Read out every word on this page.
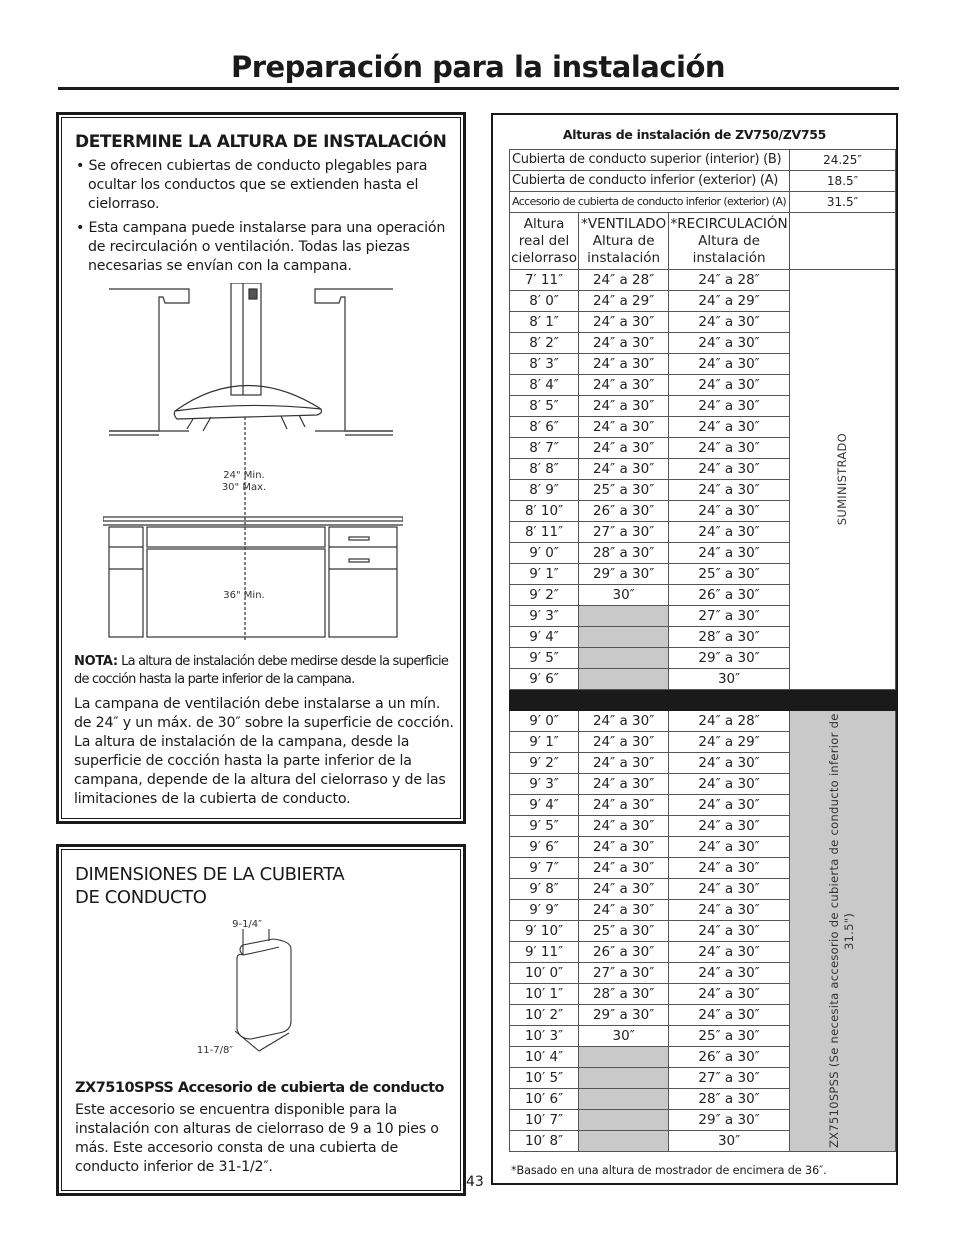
Preparación para la instalación
DETERMINE LA ALTURA DE INSTALACIÓN

• Se ofrecen cubiertas de conducto plegables para ocultar los conductos que se extienden hasta el cielorraso.

• Esta campana puede instalarse para una operación de recirculación o ventilación. Todas las piezas necesarias se envían con la campana.

24" Min.
30" Max.
36" Min.

NOTA: La altura de instalación debe medirse desde la superficie de cocción hasta la parte inferior de la campana.

La campana de ventilación debe instalarse a un mín. de 24″ y un máx. de 30″ sobre la superficie de cocción. La altura de instalación de la campana, desde la superficie de cocción hasta la parte inferior de la campana, depende de la altura del cielorraso y de las limitaciones de la cubierta de conducto.

DIMENSIONES DE LA CUBIERTA
DE CONDUCTO
9-1/4″
11-7/8″
ZX7510SPSS Accesorio de cubierta de conducto

Este accesorio se encuentra disponible para la instalación con alturas de cielorraso de 9 a 10 pies o más. Este accesorio consta de una cubierta de conducto inferior de 31-1/2″.

43
Alturas de instalación de ZV750/ZV755
Cubierta de conducto superior (interior) (B)			24.25″
Cubierta de conducto inferior (exterior) (A)			18.5″
Accesorio de cubierta de conducto inferior (exterior) (A)			31.5″
Altura real del cielorraso	*VENTILADO Altura de instalación	*RECIRCULACIÓN Altura de instalación	
7′ 11″	24″ a 28″	24″ a 28″	SUMINISTRADO

8′ 0″	24″ a 29″	24″ a 29″	
8′ 1″	24″ a 30″	24″ a 30″	
8′ 2″	24″ a 30″	24″ a 30″	
8′ 3″	24″ a 30″	24″ a 30″	
8′ 4″	24″ a 30″	24″ a 30″	
8′ 5″	24″ a 30″	24″ a 30″	
8′ 6″	24″ a 30″	24″ a 30″	
8′ 7″	24″ a 30″	24″ a 30″	
8′ 8″	24″ a 30″	24″ a 30″	
8′ 9″	25″ a 30″	24″ a 30″	
8′ 10″	26″ a 30″	24″ a 30″	
8′ 11″	27″ a 30″	24″ a 30″	
9′ 0″	28″ a 30″	24″ a 30″	
9′ 1″	29″ a 30″	25″ a 30″	
9′ 2″	30″	26″ a 30″	
9′ 3″		27″ a 30″	
9′ 4″		28″ a 30″	
9′ 5″		29″ a 30″	
9′ 6″		30″	

9′ 0″	24″ a 30″	24″ a 28″	ZX7510SPSS (Se necesita accesorio de cubierta de conducto inferior de 31.5")

9′ 1″	24″ a 30″	24″ a 29″	
9′ 2″	24″ a 30″	24″ a 30″	
9′ 3″	24″ a 30″	24″ a 30″	
9′ 4″	24″ a 30″	24″ a 30″	
9′ 5″	24″ a 30″	24″ a 30″	
9′ 6″	24″ a 30″	24″ a 30″	
9′ 7″	24″ a 30″	24″ a 30″	
9′ 8″	24″ a 30″	24″ a 30″	
9′ 9″	24″ a 30″	24″ a 30″	
9′ 10″	25″ a 30″	24″ a 30″	
9′ 11″	26″ a 30″	24″ a 30″	
10′ 0″	27″ a 30″	24″ a 30″	
10′ 1″	28″ a 30″	24″ a 30″	
10′ 2″	29″ a 30″	24″ a 30″	
10′ 3″	30″	25″ a 30″	
10′ 4″		26″ a 30″	
10′ 5″		27″ a 30″	
10′ 6″		28″ a 30″	
10′ 7″		29″ a 30″	
10′ 8″		30″	
*Basado en una altura de mostrador de encimera de 36″.
